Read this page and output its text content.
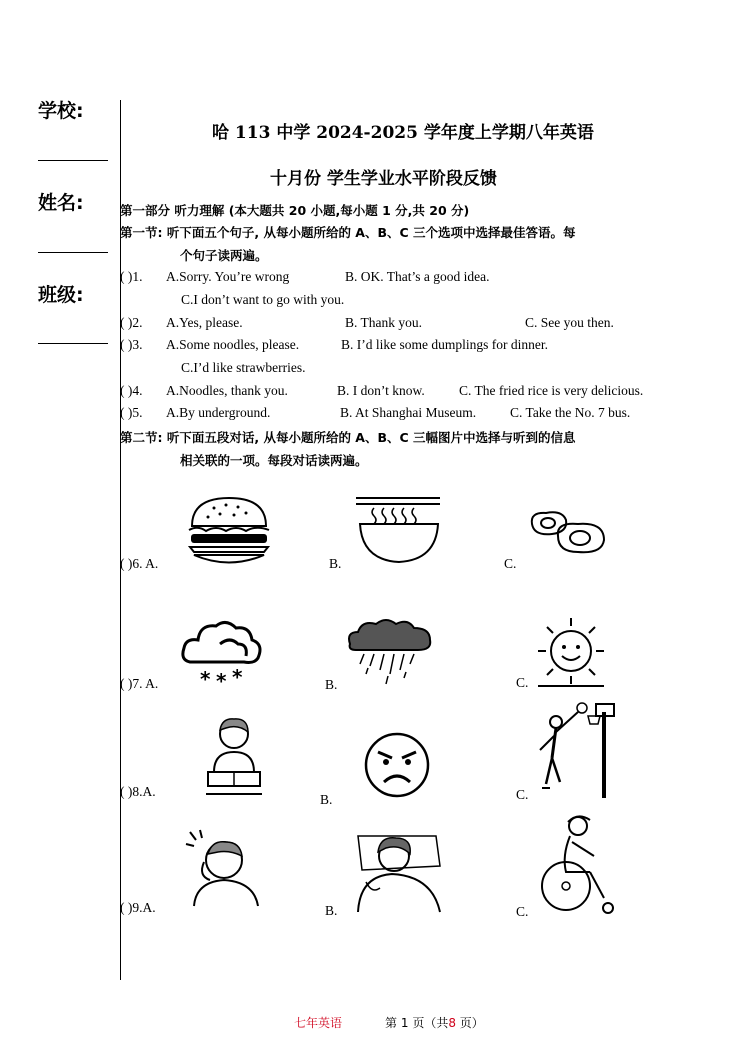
学校:
姓名:
班级:
哈 113 中学 2024-2025 学年度上学期八年英语
十月份 学生学业水平阶段反馈
第一部分 听力理解 (本大题共 20 小题,每小题 1 分,共 20 分)
第一节: 听下面五个句子, 从每小题所给的 A、B、C 三个选项中选择最佳答语。每
个句子读两遍。
( )1. A.Sorry. You’re wrong	B. OK. That’s a good idea.
C.I don’t want to go with you.
( )2. A.Yes, please.	B. Thank you.	C. See you then.
( )3. A.Some noodles, please.	B. I’d like some dumplings for dinner.
C.I’d like strawberries.
( )4. A.Noodles, thank you.	B. I don’t know.	C. The fried rice is very delicious.
( )5. A.By underground.	B. At Shanghai Museum.	C. Take the No. 7 bus.
第二节: 听下面五段对话, 从每小题所给的 A、B、C 三幅图片中选择与听到的信息
相关联的一项。每段对话读两遍。
( )6. A.	B.	C.
* * *
( )7. A.	B.	C.
( )8.A.
B.	C.
( )9.A.	B.	C.
七年英语	第 1 页（共8 页）
